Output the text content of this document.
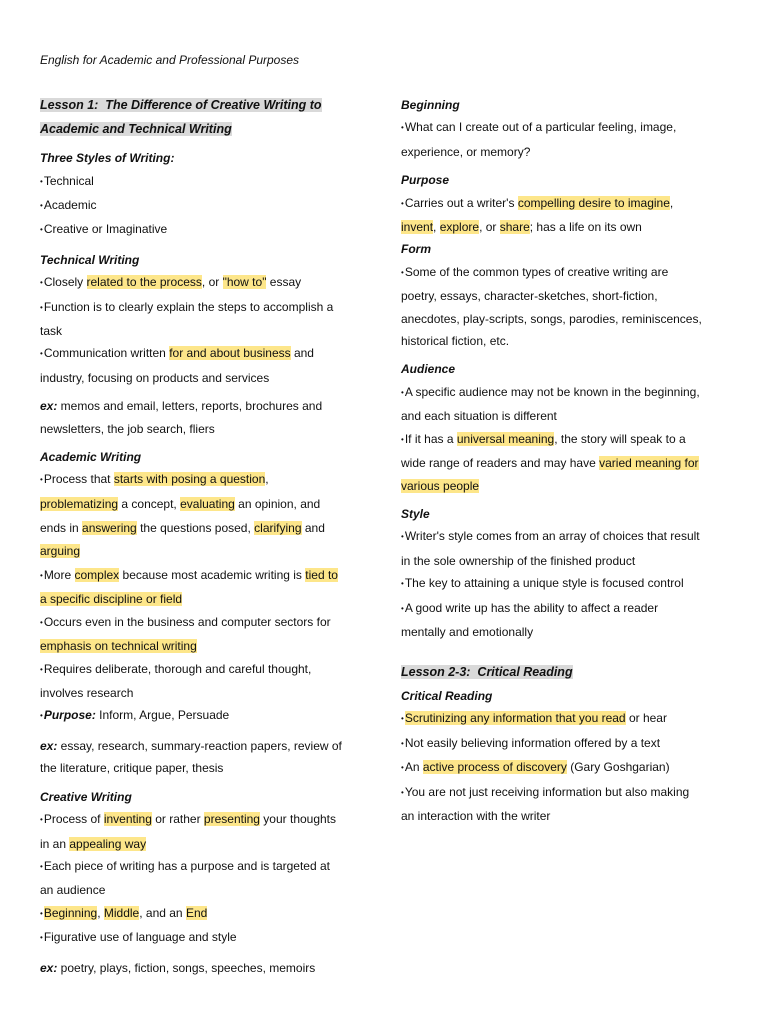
English for Academic and Professional Purposes
Lesson 1:  The Difference of Creative Writing to
Academic and Technical Writing
Three Styles of Writing:
• Technical
• Academic
• Creative or Imaginative
Technical Writing
• Closely related to the process, or "how to" essay
• Function is to clearly explain the steps to accomplish a
task
• Communication written for and about business and
industry, focusing on products and services
ex: memos and email, letters, reports, brochures and
newsletters, the job search, fliers
Academic Writing
• Process that starts with posing a question,
problematizing a concept, evaluating an opinion, and
ends in answering the questions posed, clarifying and
arguing
• More complex because most academic writing is tied to
a specific discipline or field
• Occurs even in the business and computer sectors for
emphasis on technical writing
• Requires deliberate, thorough and careful thought,
involves research
• Purpose: Inform, Argue, Persuade
ex: essay, research, summary-reaction papers, review of
the literature, critique paper, thesis
Creative Writing
• Process of inventing or rather presenting your thoughts
in an appealing way
• Each piece of writing has a purpose and is targeted at
an audience
• Beginning, Middle, and an End
• Figurative use of language and style
ex: poetry, plays, fiction, songs, speeches, memoirs
Beginning
• What can I create out of a particular feeling, image,
experience, or memory?
Purpose
• Carries out a writer's compelling desire to imagine,
invent, explore, or share; has a life on its own
Form
• Some of the common types of creative writing are
poetry, essays, character-sketches, short-fiction,
anecdotes, play-scripts, songs, parodies, reminiscences,
historical fiction, etc.
Audience
• A specific audience may not be known in the beginning,
and each situation is different
• If it has a universal meaning, the story will speak to a
wide range of readers and may have varied meaning for
various people
Style
• Writer's style comes from an array of choices that result
in the sole ownership of the finished product
• The key to attaining a unique style is focused control
• A good write up has the ability to affect a reader
mentally and emotionally
Lesson 2-3:  Critical Reading
Critical Reading
• Scrutinizing any information that you read or hear
• Not easily believing information offered by a text
• An active process of discovery (Gary Goshgarian)
• You are not just receiving information but also making
an interaction with the writer
